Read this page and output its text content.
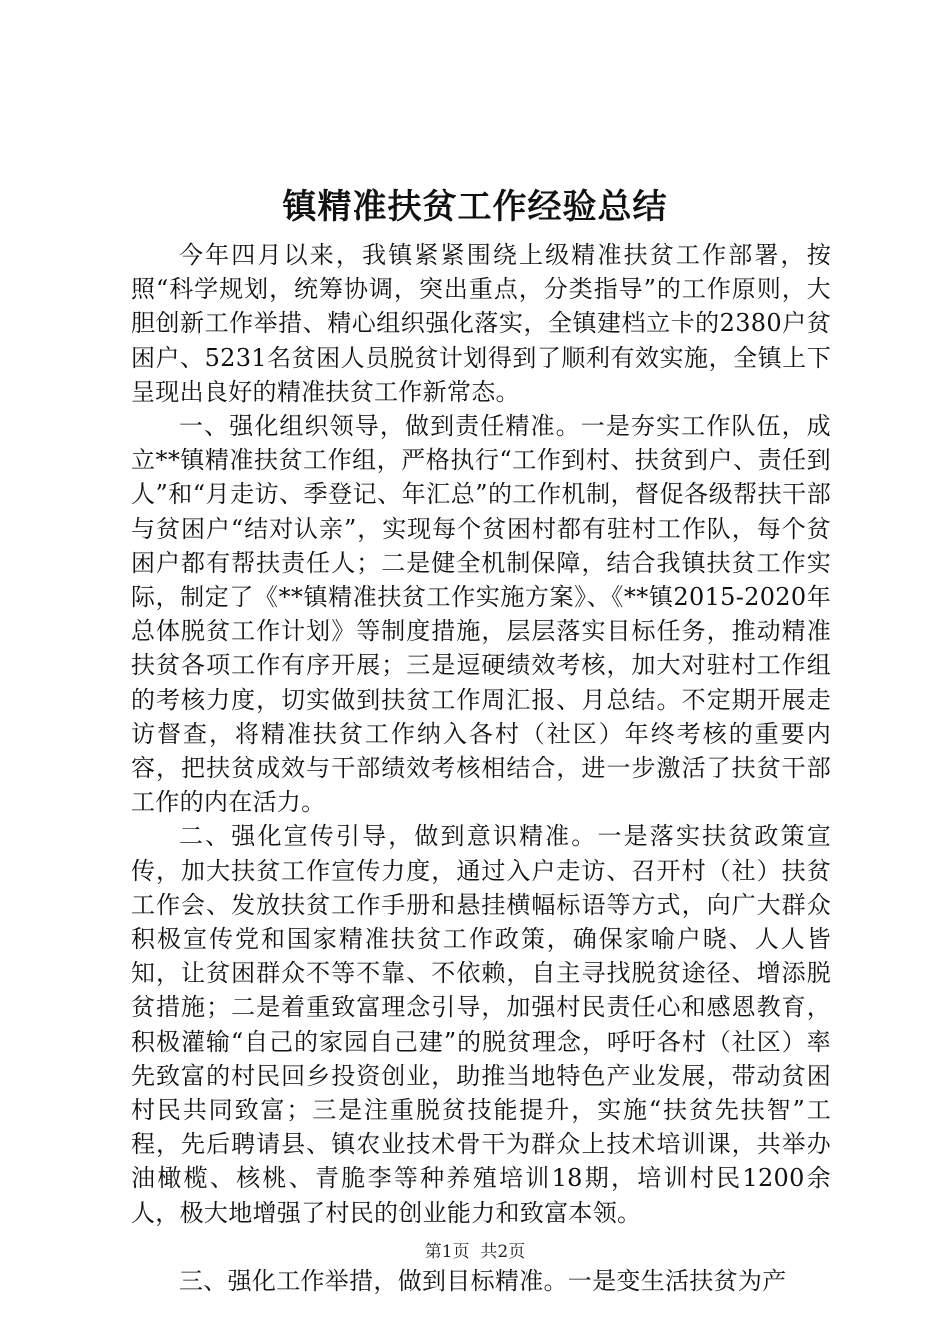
镇精准扶贫工作经验总结

今年四月以来，我镇紧紧围绕上级精准扶贫工作部署，按照“科学规划，统筹协调，突出重点，分类指导”的工作原则，大胆创新工作举措、精心组织强化落实，全镇建档立卡的2380户贫困户、5231名贫困人员脱贫计划得到了顺利有效实施，全镇上下呈现出良好的精准扶贫工作新常态。

一、强化组织领导，做到责任精准。一是夯实工作队伍，成立**镇精准扶贫工作组，严格执行“工作到村、扶贫到户、责任到人”和“月走访、季登记、年汇总”的工作机制，督促各级帮扶干部与贫困户“结对认亲”，实现每个贫困村都有驻村工作队，每个贫困户都有帮扶责任人；二是健全机制保障，结合我镇扶贫工作实际，制定了《**镇精准扶贫工作实施方案》、《**镇2015-2020年总体脱贫工作计划》等制度措施，层层落实目标任务，推动精准扶贫各项工作有序开展；三是逗硬绩效考核，加大对驻村工作组的考核力度，切实做到扶贫工作周汇报、月总结。不定期开展走访督查，将精准扶贫工作纳入各村（社区）年终考核的重要内容，把扶贫成效与干部绩效考核相结合，进一步激活了扶贫干部工作的内在活力。

二、强化宣传引导，做到意识精准。一是落实扶贫政策宣传，加大扶贫工作宣传力度，通过入户走访、召开村（社）扶贫工作会、发放扶贫工作手册和悬挂横幅标语等方式，向广大群众积极宣传党和国家精准扶贫工作政策，确保家喻户晓、人人皆知，让贫困群众不等不靠、不依赖，自主寻找脱贫途径、增添脱贫措施；二是着重致富理念引导，加强村民责任心和感恩教育，积极灌输“自己的家园自己建”的脱贫理念，呼吁各村（社区）率先致富的村民回乡投资创业，助推当地特色产业发展，带动贫困村民共同致富；三是注重脱贫技能提升，实施“扶贫先扶智”工程，先后聘请县、镇农业技术骨干为群众上技术培训课，共举办油橄榄、核桃、青脆李等种养殖培训18期，培训村民1200余人，极大地增强了村民的创业能力和致富本领。

三、强化工作举措，做到目标精准。一是变生活扶贫为产

第1页 共2页
